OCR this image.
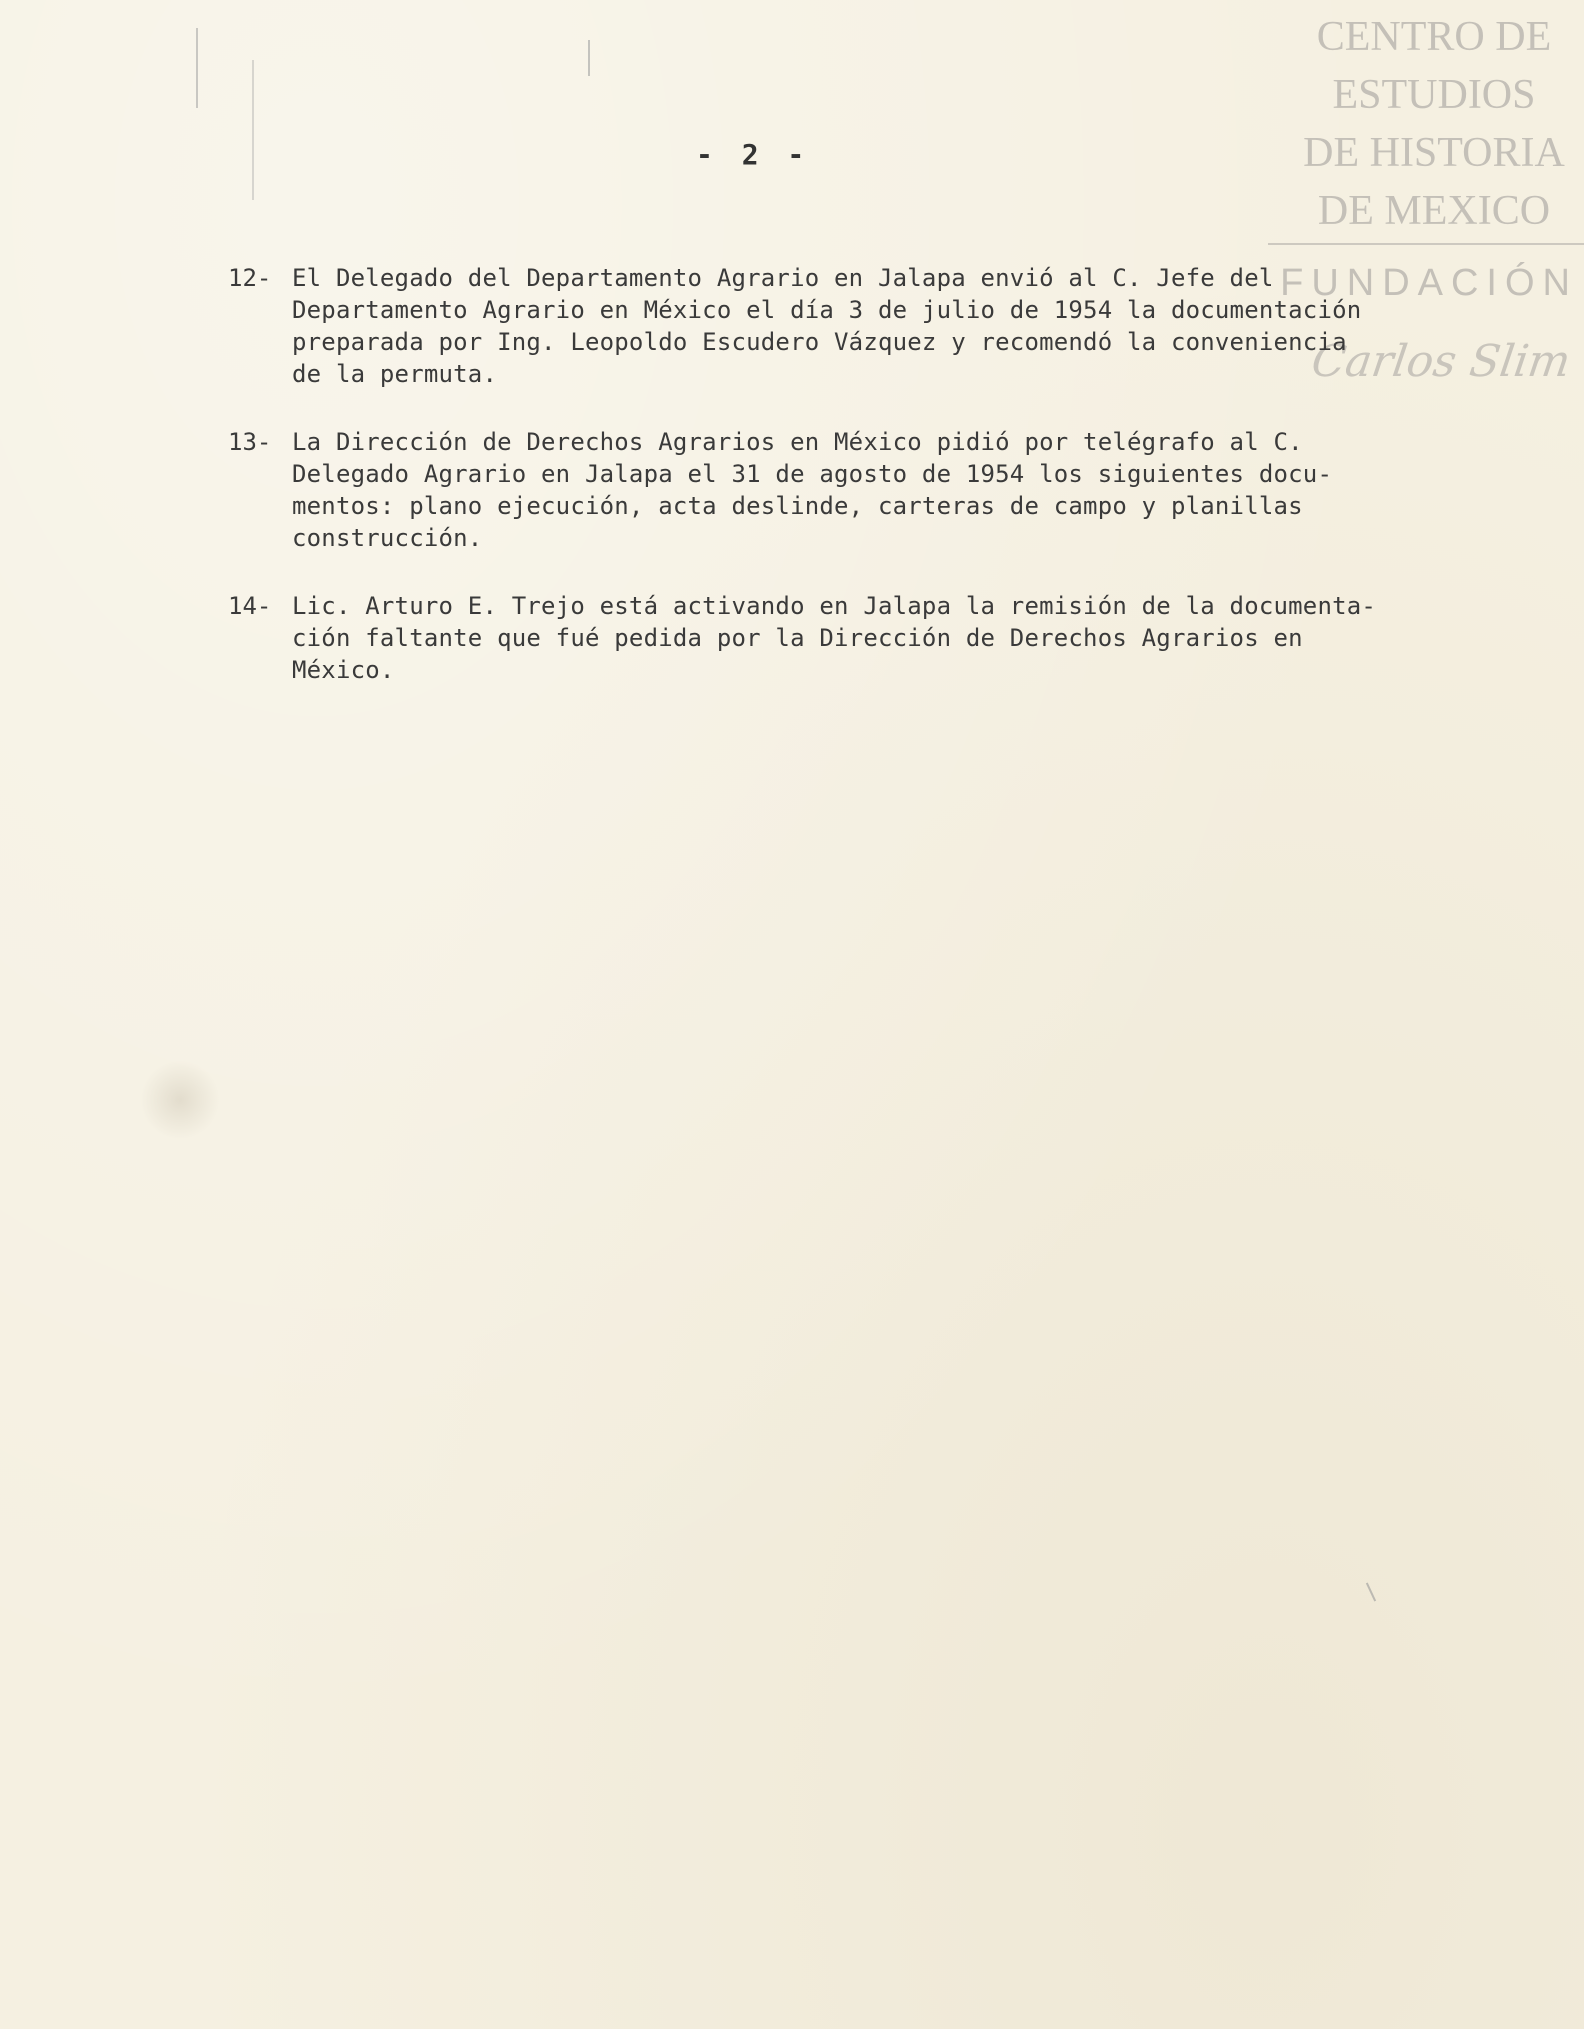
CENTRO DE
ESTUDIOS
DE HISTORIA
DE MEXICO
FUNDACIÓN
Carlos Slim
- 2 -
12- El Delegado del Departamento Agrario en Jalapa envió al C. Jefe del
Departamento Agrario en México el día 3 de julio de 1954 la documentación
preparada por Ing. Leopoldo Escudero Vázquez y recomendó la conveniencia
de la permuta.
13- La Dirección de Derechos Agrarios en México pidió por telégrafo al C.
Delegado Agrario en Jalapa el 31 de agosto de 1954 los siguientes docu-
mentos: plano ejecución, acta deslinde, carteras de campo y planillas
construcción.
14- Lic. Arturo E. Trejo está activando en Jalapa la remisión de la documenta-
ción faltante que fué pedida por la Dirección de Derechos Agrarios en
México.
